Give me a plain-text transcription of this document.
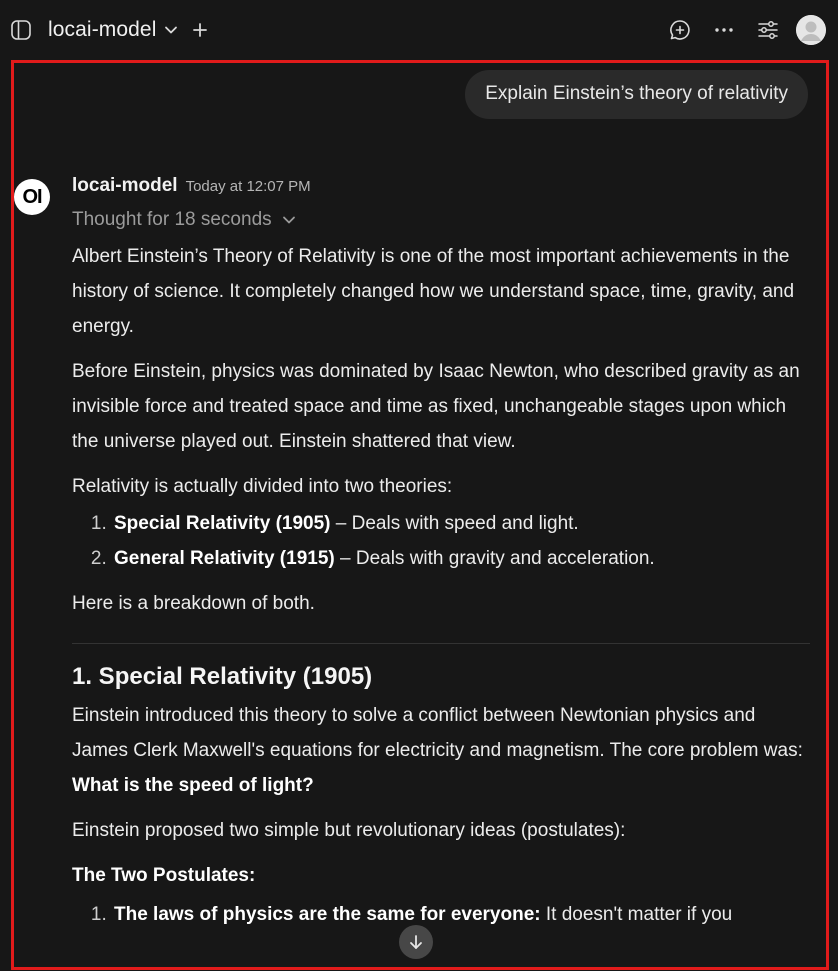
locai-model
Explain Einstein’s theory of relativity
OI	locai-model Today at 12:07 PM
Thought for 18 seconds

Albert Einstein’s Theory of Relativity is one of the most important achievements in the history of science. It completely changed how we understand space, time, gravity, and energy.

Before Einstein, physics was dominated by Isaac Newton, who described gravity as an invisible force and treated space and time as fixed, unchangeable stages upon which the universe played out. Einstein shattered that view.

Relativity is actually divided into two theories:

1. Special Relativity (1905) – Deals with speed and light.
2. General Relativity (1915) – Deals with gravity and acceleration.

Here is a breakdown of both.

1. Special Relativity (1905)

Einstein introduced this theory to solve a conflict between Newtonian physics and James Clerk Maxwell's equations for electricity and magnetism. The core problem was: What is the speed of light?

Einstein proposed two simple but revolutionary ideas (postulates):

The Two Postulates:

1. The laws of physics are the same for everyone: It doesn't matter if you
